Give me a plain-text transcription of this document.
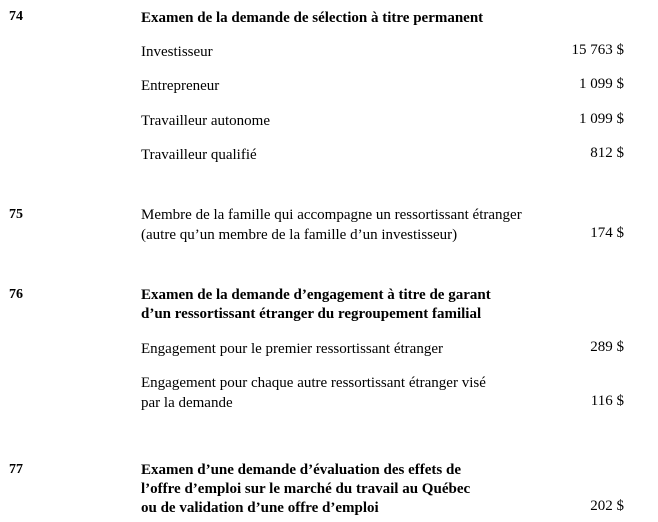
74	Examen de la demande de sélection à titre permanent
Investisseur	15 763 $
Entrepreneur	1 099 $
Travailleur autonome	1 099 $
Travailleur qualifié	812 $
75	Membre de la famille qui accompagne un ressortissant étranger
(autre qu’un membre de la famille d’un investisseur)	174 $
76	Examen de la demande d’engagement à titre de garant
d’un ressortissant étranger du regroupement familial
Engagement pour le premier ressortissant étranger	289 $
Engagement pour chaque autre ressortissant étranger visé
par la demande	116 $
77	Examen d’une demande d’évaluation des effets de
l’offre d’emploi sur le marché du travail au Québec
ou de validation d’une offre d’emploi	202 $
